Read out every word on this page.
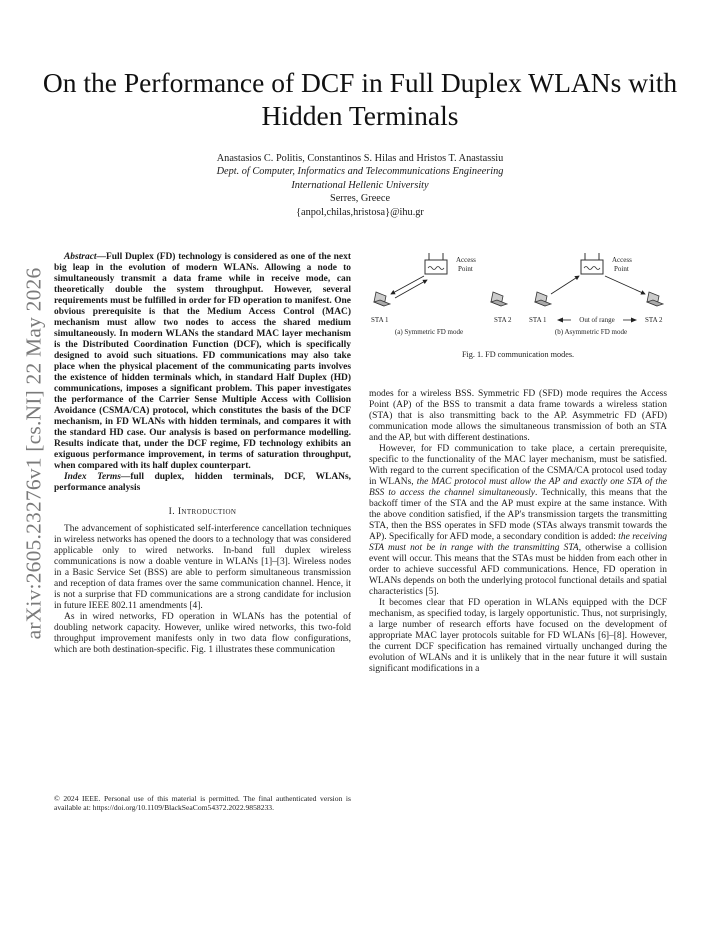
arXiv:2605.23276v1 [cs.NI] 22 May 2026
On the Performance of DCF in Full Duplex WLANs with Hidden Terminals
Anastasios C. Politis, Constantinos S. Hilas and Hristos T. Anastassiu
Dept. of Computer, Informatics and Telecommunications Engineering
International Hellenic University
Serres, Greece
{anpol,chilas,hristosa}@ihu.gr

Abstract—Full Duplex (FD) technology is considered as one of the next big leap in the evolution of modern WLANs. Allowing a node to simultaneously transmit a data frame while in receive mode, can theoretically double the system throughput. However, several requirements must be fulfilled in order for FD operation to manifest. One obvious prerequisite is that the Medium Access Control (MAC) mechanism must allow two nodes to access the shared medium simultaneously. In modern WLANs the standard MAC layer mechanism is the Distributed Coordination Function (DCF), which is specifically designed to avoid such situations. FD communications may also take place when the physical placement of the communicating parts involves the existence of hidden terminals which, in standard Half Duplex (HD) communications, imposes a significant problem. This paper investigates the performance of the Carrier Sense Multiple Access with Collision Avoidance (CSMA/CA) protocol, which constitutes the basis of the DCF mechanism, in FD WLANs with hidden terminals, and compares it with the standard HD case. Our analysis is based on performance modelling. Results indicate that, under the DCF regime, FD technology exhibits an exiguous performance improvement, in terms of saturation throughput, when compared with its half duplex counterpart.

Index Terms—full duplex, hidden terminals, DCF, WLANs, performance analysis

I. Introduction

The advancement of sophisticated self-interference cancellation techniques in wireless networks has opened the doors to a technology that was considered applicable only to wired networks. In-band full duplex wireless communications is now a doable venture in WLANs [1]–[3]. Wireless nodes in a Basic Service Set (BSS) are able to perform simultaneous transmission and reception of data frames over the same communication channel. Hence, it is not a surprise that FD communications are a strong candidate for inclusion in future IEEE 802.11 amendments [4].

As in wired networks, FD operation in WLANs has the potential of doubling network capacity. However, unlike wired networks, this two-fold throughput improvement manifests only in two data flow configurations, which are both destination-specific. Fig. 1 illustrates these communication

© 2024 IEEE. Personal use of this material is permitted. The final authenticated version is available at: https://doi.org/10.1109/BlackSeaCom54372.2022.9858233.
Access
Point
STA 1	STA 2
(a) Symmetric FD mode
Access
Point
STA 1	STA 2
Out of range
(b) Asymmetric FD mode
Fig. 1. FD communication modes.

modes for a wireless BSS. Symmetric FD (SFD) mode requires the Access Point (AP) of the BSS to transmit a data frame towards a wireless station (STA) that is also transmitting back to the AP. Asymmetric FD (AFD) communication mode allows the simultaneous transmission of both an STA and the AP, but with different destinations.

However, for FD communication to take place, a certain prerequisite, specific to the functionality of the MAC layer mechanism, must be satisfied. With regard to the current specification of the CSMA/CA protocol used today in WLANs, the MAC protocol must allow the AP and exactly one STA of the BSS to access the channel simultaneously. Technically, this means that the backoff timer of the STA and the AP must expire at the same instance. With the above condition satisfied, if the AP's transmission targets the transmitting STA, then the BSS operates in SFD mode (STAs always transmit towards the AP). Specifically for AFD mode, a secondary condition is added: the receiving STA must not be in range with the transmitting STA, otherwise a collision event will occur. This means that the STAs must be hidden from each other in order to achieve successful AFD communications. Hence, FD operation in WLANs depends on both the underlying protocol functional details and spatial characteristics [5].

It becomes clear that FD operation in WLANs equipped with the DCF mechanism, as specified today, is largely opportunistic. Thus, not surprisingly, a large number of research efforts have focused on the development of appropriate MAC layer protocols suitable for FD WLANs [6]–[8]. However, the current DCF specification has remained virtually unchanged during the evolution of WLANs and it is unlikely that in the near future it will sustain significant modifications in a
